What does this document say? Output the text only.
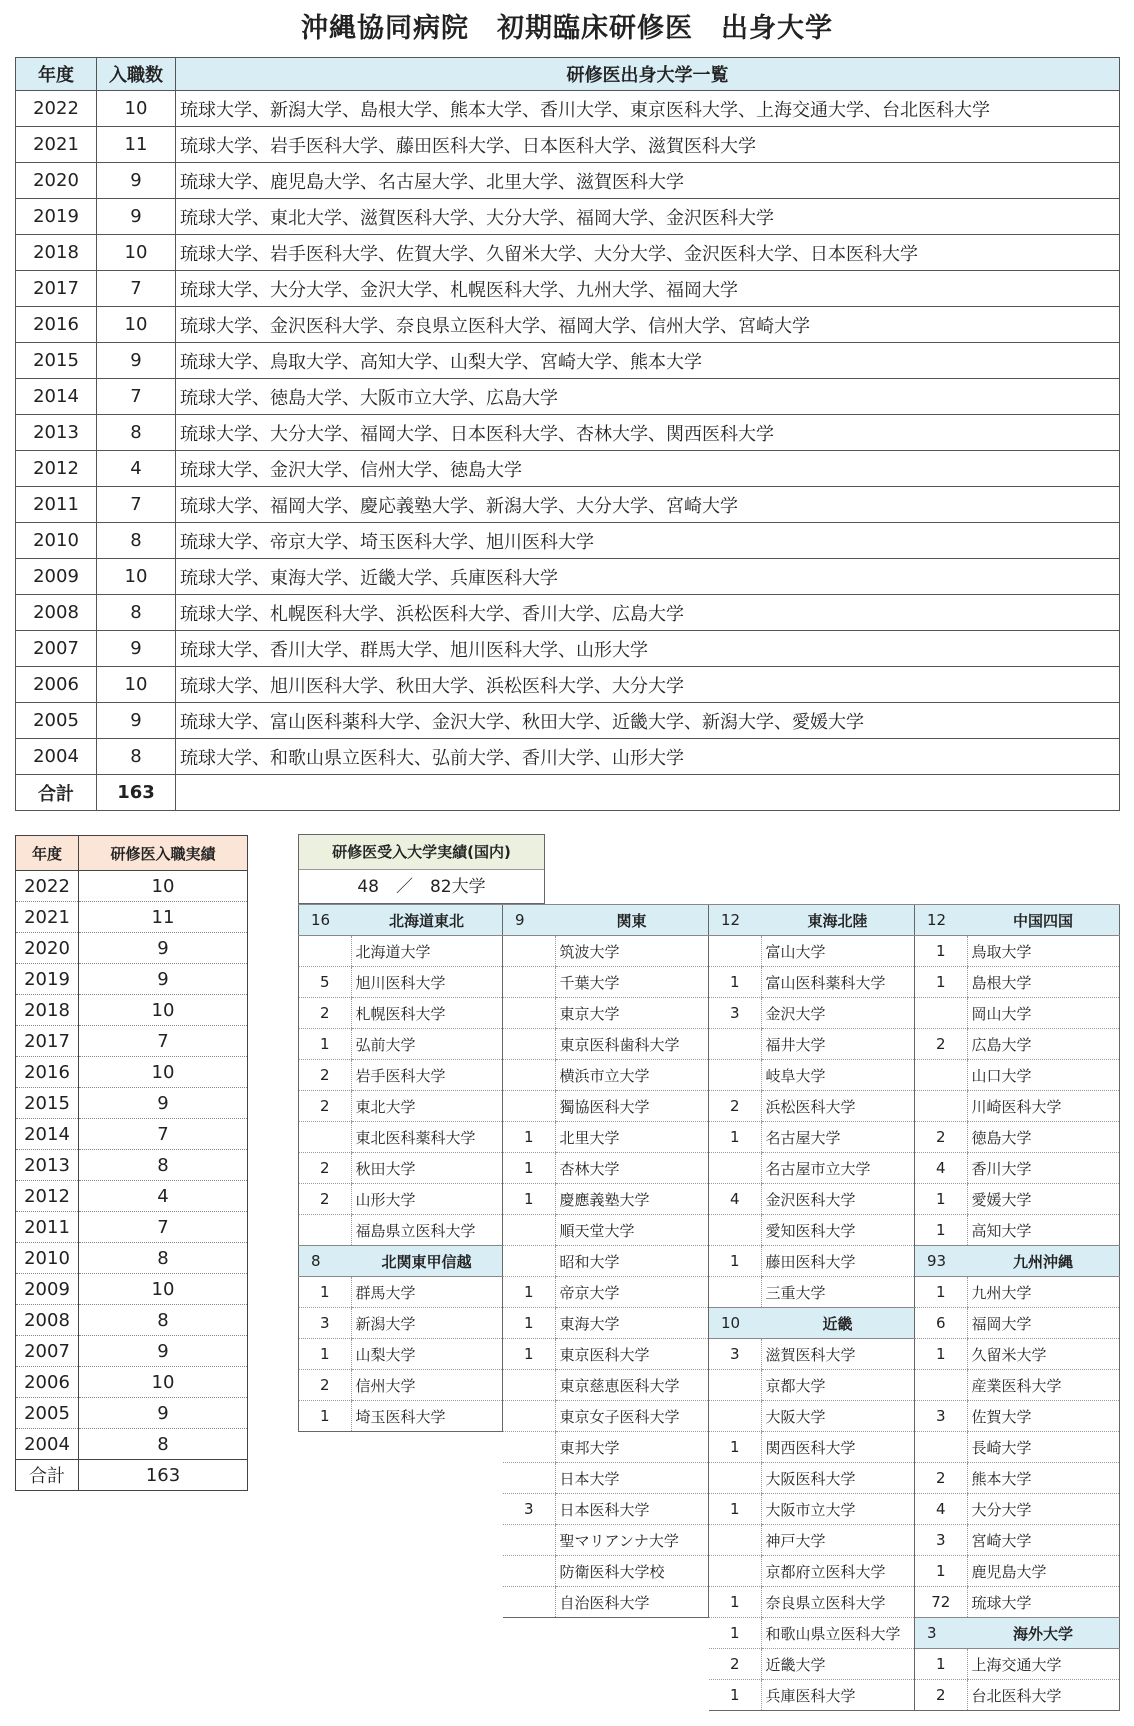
沖縄協同病院　初期臨床研修医　出身大学
年度	入職数	研修医出身大学一覧
2022	10	琉球大学、新潟大学、島根大学、熊本大学、香川大学、東京医科大学、上海交通大学、台北医科大学
2021	11	琉球大学、岩手医科大学、藤田医科大学、日本医科大学、滋賀医科大学
2020	9	琉球大学、鹿児島大学、名古屋大学、北里大学、滋賀医科大学
2019	9	琉球大学、東北大学、滋賀医科大学、大分大学、福岡大学、金沢医科大学
2018	10	琉球大学、岩手医科大学、佐賀大学、久留米大学、大分大学、金沢医科大学、日本医科大学
2017	7	琉球大学、大分大学、金沢大学、札幌医科大学、九州大学、福岡大学
2016	10	琉球大学、金沢医科大学、奈良県立医科大学、福岡大学、信州大学、宮崎大学
2015	9	琉球大学、鳥取大学、高知大学、山梨大学、宮崎大学、熊本大学
2014	7	琉球大学、徳島大学、大阪市立大学、広島大学
2013	8	琉球大学、大分大学、福岡大学、日本医科大学、杏林大学、関西医科大学
2012	4	琉球大学、金沢大学、信州大学、徳島大学
2011	7	琉球大学、福岡大学、慶応義塾大学、新潟大学、大分大学、宮崎大学
2010	8	琉球大学、帝京大学、埼玉医科大学、旭川医科大学
2009	10	琉球大学、東海大学、近畿大学、兵庫医科大学
2008	8	琉球大学、札幌医科大学、浜松医科大学、香川大学、広島大学
2007	9	琉球大学、香川大学、群馬大学、旭川医科大学、山形大学
2006	10	琉球大学、旭川医科大学、秋田大学、浜松医科大学、大分大学
2005	9	琉球大学、富山医科薬科大学、金沢大学、秋田大学、近畿大学、新潟大学、愛媛大学
2004	8	琉球大学、和歌山県立医科大、弘前大学、香川大学、山形大学
合計	163	
年度	研修医入職実績
2022	10
2021	11
2020	9
2019	9
2018	10
2017	7
2016	10
2015	9
2014	7
2013	8
2012	4
2011	7
2010	8
2009	10
2008	8
2007	9
2006	10
2005	9
2004	8
合計	163
研修医受入大学実績(国内)
48　／　82大学
16	北海道東北
	北海道大学
5	旭川医科大学
2	札幌医科大学
1	弘前大学
2	岩手医科大学
2	東北大学
	東北医科薬科大学
2	秋田大学
2	山形大学
	福島県立医科大学
8	北関東甲信越
1	群馬大学
3	新潟大学
1	山梨大学
2	信州大学
1	埼玉医科大学
9	関東
	筑波大学
	千葉大学
	東京大学
	東京医科歯科大学
	横浜市立大学
	獨協医科大学
1	北里大学
1	杏林大学
1	慶應義塾大学
	順天堂大学
	昭和大学
1	帝京大学
1	東海大学
1	東京医科大学
	東京慈恵医科大学
	東京女子医科大学
	東邦大学
	日本大学
3	日本医科大学
	聖マリアンナ大学
	防衛医科大学校
	自治医科大学
12	東海北陸
	富山大学
1	富山医科薬科大学
3	金沢大学
	福井大学
	岐阜大学
2	浜松医科大学
1	名古屋大学
	名古屋市立大学
4	金沢医科大学
	愛知医科大学
1	藤田医科大学
	三重大学
10	近畿
3	滋賀医科大学
	京都大学
	大阪大学
1	関西医科大学
	大阪医科大学
1	大阪市立大学
	神戸大学
	京都府立医科大学
1	奈良県立医科大学
1	和歌山県立医科大学
2	近畿大学
1	兵庫医科大学
12	中国四国
1	鳥取大学
1	島根大学
	岡山大学
2	広島大学
	山口大学
	川崎医科大学
2	徳島大学
4	香川大学
1	愛媛大学
1	高知大学
93	九州沖縄
1	九州大学
6	福岡大学
1	久留米大学
	産業医科大学
3	佐賀大学
	長崎大学
2	熊本大学
4	大分大学
3	宮崎大学
1	鹿児島大学
72	琉球大学
3	海外大学
1	上海交通大学
2	台北医科大学
